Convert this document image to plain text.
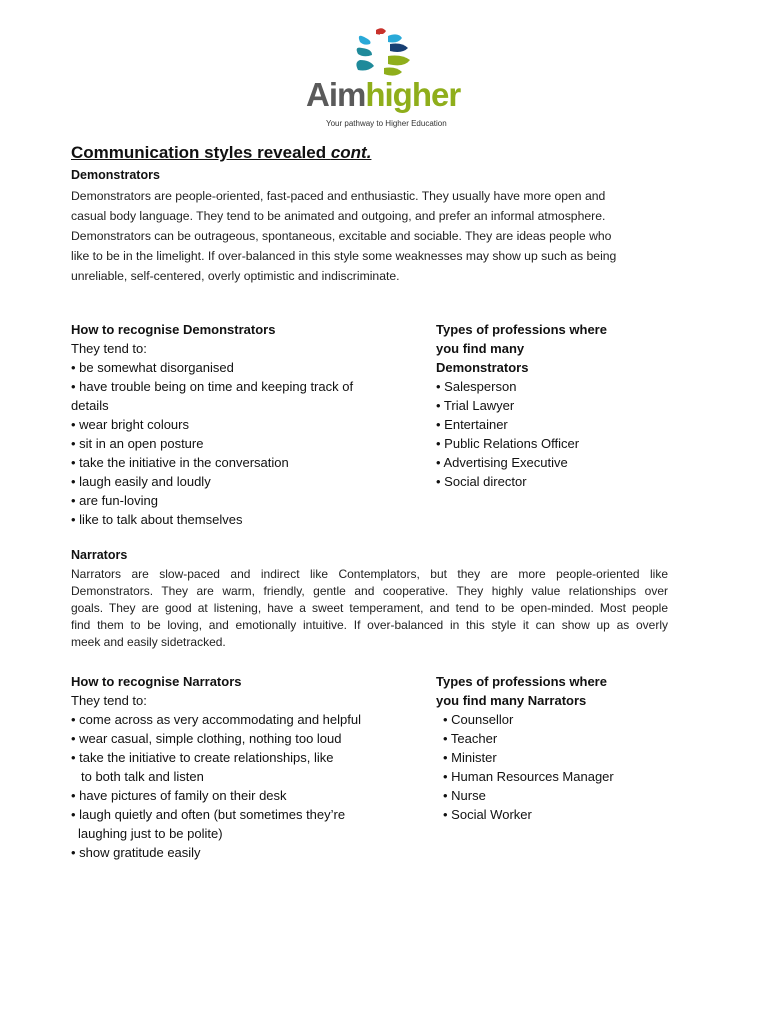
Aimhigher
Your pathway to Higher Education
Communication styles revealed cont.
Demonstrators
Demonstrators are people-oriented, fast-paced and enthusiastic. They usually have more open and
casual body language. They tend to be animated and outgoing, and prefer an informal atmosphere.
Demonstrators can be outrageous, spontaneous, excitable and sociable. They are ideas people who
like to be in the limelight. If over-balanced in this style some weaknesses may show up such as being
unreliable, self-centered, overly optimistic and indiscriminate.
How to recognise Demonstrators
They tend to:
• be somewhat disorganised
• have trouble being on time and keeping track of
details
• wear bright colours
• sit in an open posture
• take the initiative in the conversation
• laugh easily and loudly
• are fun-loving
• like to talk about themselves
Types of professions where
you find many
Demonstrators
• Salesperson
• Trial Lawyer
• Entertainer
• Public Relations Officer
• Advertising Executive
• Social director
Narrators
Narrators are slow-paced and indirect like Contemplators, but they are more people-oriented like
Demonstrators. They are warm, friendly, gentle and cooperative. They highly value relationships over
goals. They are good at listening, have a sweet temperament, and tend to be open-minded. Most people
find them to be loving, and emotionally intuitive. If over-balanced in this style it can show up as overly
meek and easily sidetracked.
How to recognise Narrators
They tend to:
• come across as very accommodating and helpful
• wear casual, simple clothing, nothing too loud
• take the initiative to create relationships, like
to both talk and listen
• have pictures of family on their desk
• laugh quietly and often (but sometimes they’re
laughing just to be polite)
• show gratitude easily
Types of professions where
you find many Narrators
• Counsellor
• Teacher
• Minister
• Human Resources Manager
• Nurse
• Social Worker
